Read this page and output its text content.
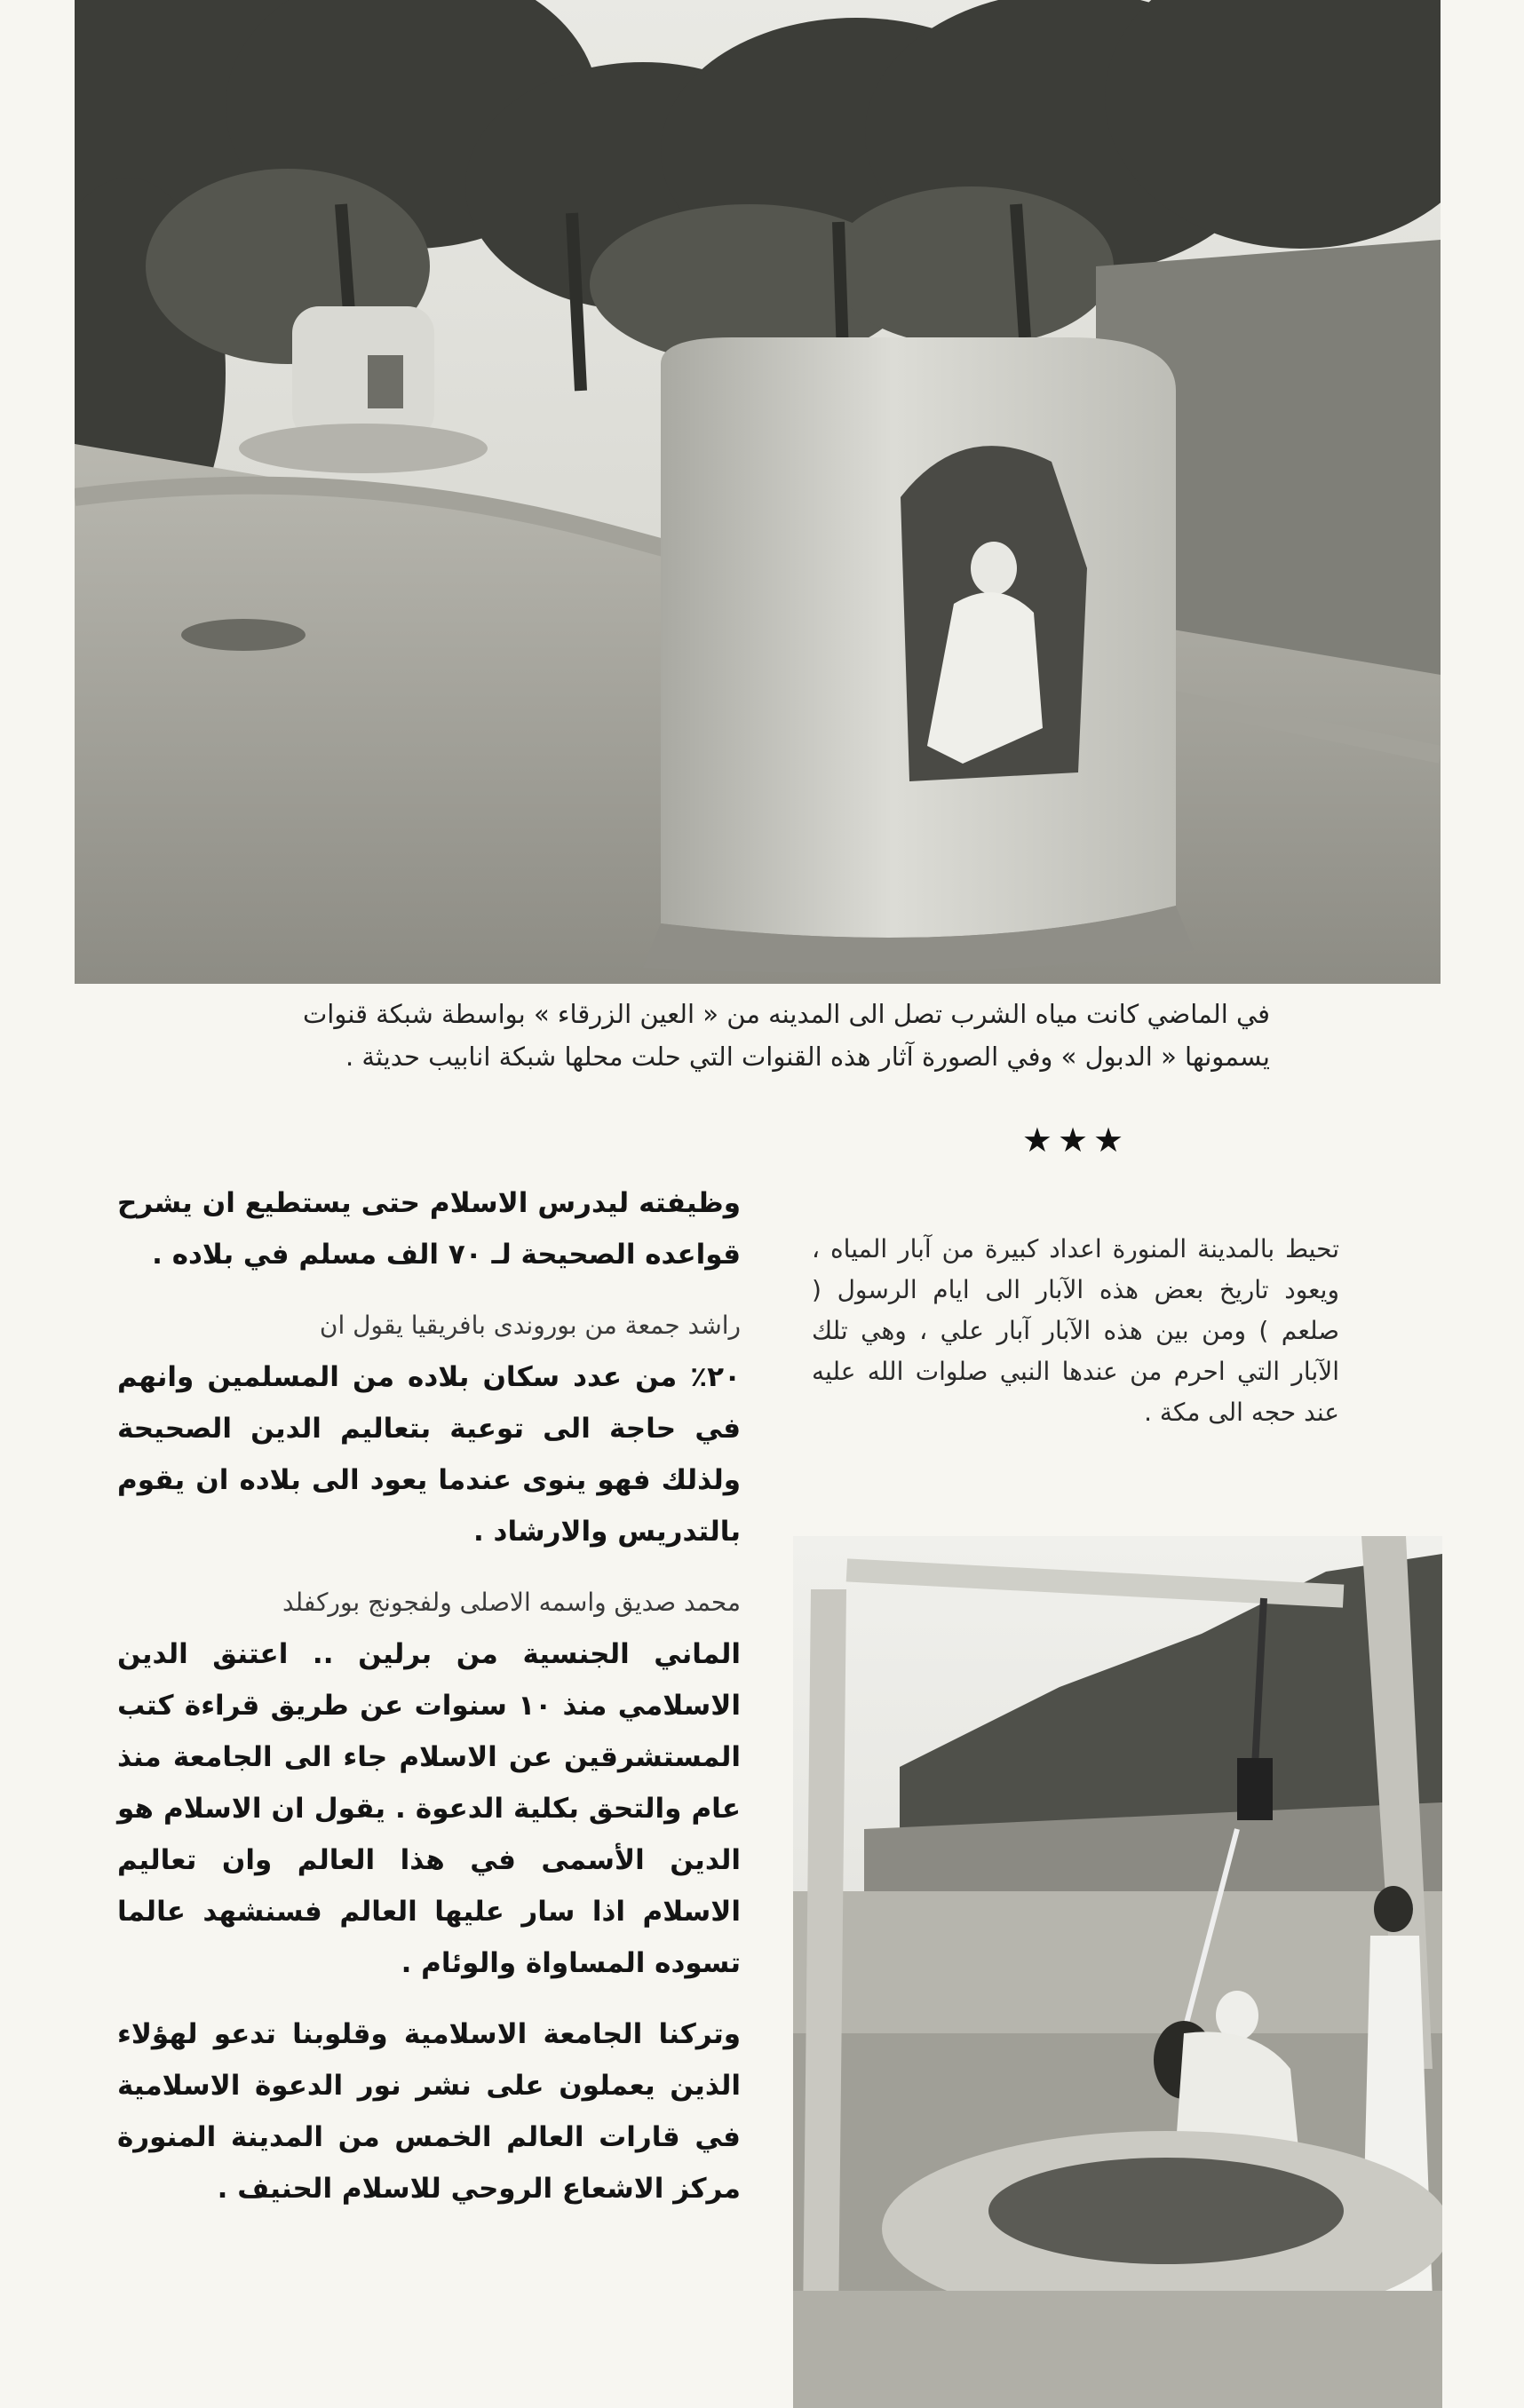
في الماضي كانت مياه الشرب تصل الى المدينه من « العين الزرقاء » بواسطة شبكة قنوات

يسمونها « الدبول » وفي الصورة آثار هذه القنوات التي حلت محلها شبكة انابيب حديثة .

★★★

تحيط بالمدينة المنورة اعداد كبيرة من آبار المياه ، ويعود تاريخ بعض هذه الآبار الى ايام الرسول ( صلعم ) ومن بين هذه الآبار آبار علي ، وهي تلك الآبار التي احرم من عندها النبي صلوات الله عليه عند حجه الى مكة .

وظيفته ليدرس الاسلام حتى يستطيع ان يشرح قواعده الصحيحة لـ ٧٠ الف مسلم في بلاده .

راشد جمعة من بوروندى بافريقيا يقول ان
٢٠٪ من عدد سكان بلاده من المسلمين وانهم في حاجة الى توعية بتعاليم الدين الصحيحة ولذلك فهو ينوى عندما يعود الى بلاده ان يقوم بالتدريس والارشاد .

محمد صديق واسمه الاصلى ولفجونج بوركفلد
الماني الجنسية من برلين .. اعتنق الدين الاسلامي منذ ١٠ سنوات عن طريق قراءة كتب المستشرقين عن الاسلام جاء الى الجامعة منذ عام والتحق بكلية الدعوة . يقول ان الاسلام هو الدين الأسمى في هذا العالم وان تعاليم الاسلام اذا سار عليها العالم فسنشهد عالما تسوده المساواة والوئام .

وتركنا الجامعة الاسلامية وقلوبنا تدعو لهؤلاء الذين يعملون على نشر نور الدعوة الاسلامية في قارات العالم الخمس من المدينة المنورة مركز الاشعاع الروحي للاسلام الحنيف .
